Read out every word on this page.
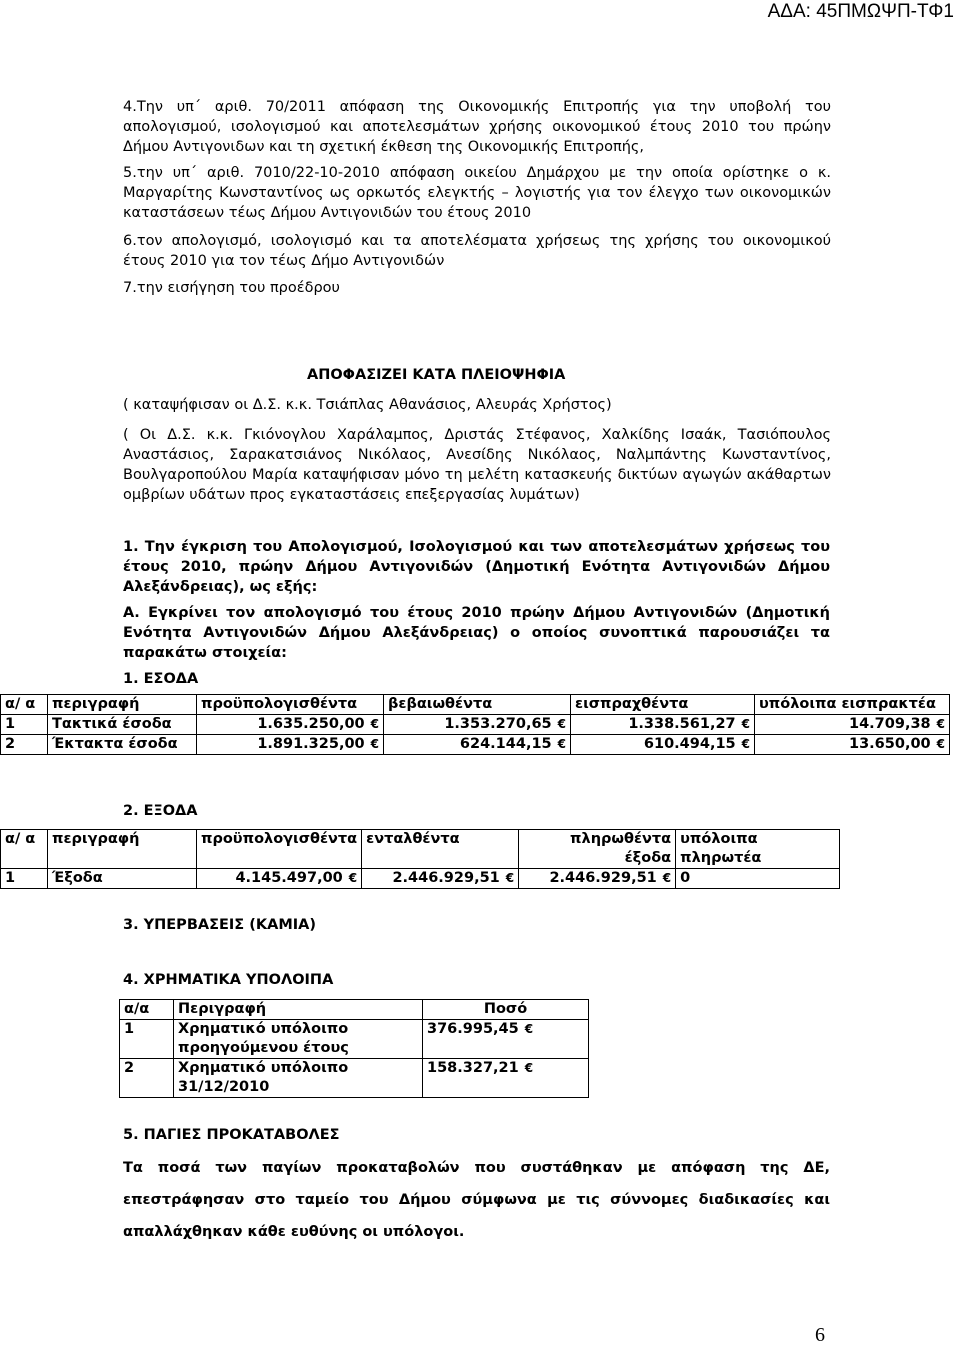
ΑΔΑ: 45ΠΜΩΨΠ-ΤΦ1
4.Την υπ΄ αριθ. 70/2011 απόφαση της Οικονομικής Επιτροπής για την υποβολή του απολογισμού, ισολογισμού και αποτελεσμάτων χρήσης οικονομικού έτους 2010 του πρώην Δήμου Αντιγονιδων και τη σχετική έκθεση της Οικονομικής Επιτροπής,
5.την υπ΄ αριθ. 7010/22-10-2010 απόφαση οικείου Δημάρχου με την οποία ορίστηκε ο κ. Μαργαρίτης Κωνσταντίνος ως ορκωτός ελεγκτής – λογιστής για τον έλεγχο των οικονομικών καταστάσεων τέως Δήμου Αντιγονιδών του έτους 2010
6.τον απολογισμό, ισολογισμό και τα αποτελέσματα χρήσεως της χρήσης του οικονομικού έτους 2010 για τον τέως Δήμο Αντιγονιδών
7.την εισήγηση του προέδρου
ΑΠΟΦΑΣΙΖΕΙ ΚΑΤΑ ΠΛΕΙΟΨΗΦΙΑ
( καταψήφισαν οι Δ.Σ. κ.κ. Τσιάπλας Αθανάσιος, Αλευράς Χρήστος)
( Οι Δ.Σ. κ.κ. Γκιόνογλου Χαράλαμπος, Δριστάς Στέφανος, Χαλκίδης Ισαάκ, Τασιόπουλος Αναστάσιος, Σαραкατσιάνος Νικόλαος, Ανεσίδης Νικόλαος, Ναλμπάντης Κωνσταντίνος, Βουλγαροπούλου Μαρία καταψήφισαν μόνο τη μελέτη κατασκευής δικτύων αγωγών ακάθαρτων ομβρίων υδάτων προς εγκαταστάσεις επεξεργασίας λυμάτων)
1. Την έγκριση του Απολογισμού, Ισολογισμού και των αποτελεσμάτων χρήσεως του έτους 2010, πρώην Δήμου Αντιγονιδών (Δημοτική Ενότητα Αντιγονιδών Δήμου Αλεξάνδρειας), ως εξής:
Α. Εγκρίνει τον απολογισμό του έτους 2010 πρώην Δήμου Αντιγονιδών (Δημοτική Ενότητα Αντιγονιδών Δήμου Αλεξάνδρειας) ο οποίος συνοπτικά παρουσιάζει τα παρακάτω στοιχεία:
1. ΕΣΟΔΑ
α/ α	περιγραφή	προϋπολογισθέντα	βεβαιωθέντα	εισπραχθέντα	υπόλοιπα εισπρακτέα
1	Τακτικά έσοδα	1.635.250,00 €	1.353.270,65 €	1.338.561,27 €	14.709,38 €
2	Έκτακτα έσοδα	1.891.325,00 €	624.144,15 €	610.494,15 €	13.650,00 €
2. ΕΞΟΔΑ
α/ α	περιγραφή	προϋπολογισθέντα	ενταλθέντα	πληρωθέντα έξοδα	υπόλοιπα πληρωτέα
1	Έξοδα	4.145.497,00 €	2.446.929,51 €	2.446.929,51 €	0
3. ΥΠΕΡΒΑΣΕΙΣ (ΚΑΜΙΑ)
4. ΧΡΗΜΑΤΙΚΑ ΥΠΟΛΟΙΠΑ
α/α	Περιγραφή	Ποσό
1	Χρηματικό υπόλοιπο προηγούμενου έτους	376.995,45 €
2	Χρηματικό υπόλοιπο 31/12/2010	158.327,21 €
5. ΠΑΓΙΕΣ ΠΡΟΚΑΤΑΒΟΛΕΣ
Τα ποσά των παγίων προκαταβολών που συστάθηκαν με απόφαση της ΔΕ, επεστράφησαν στο ταμείο του Δήμου σύμφωνα με τις σύννομες διαδικασίες και απαλλάχθηκαν κάθε ευθύνης οι υπόλογοι.
6
